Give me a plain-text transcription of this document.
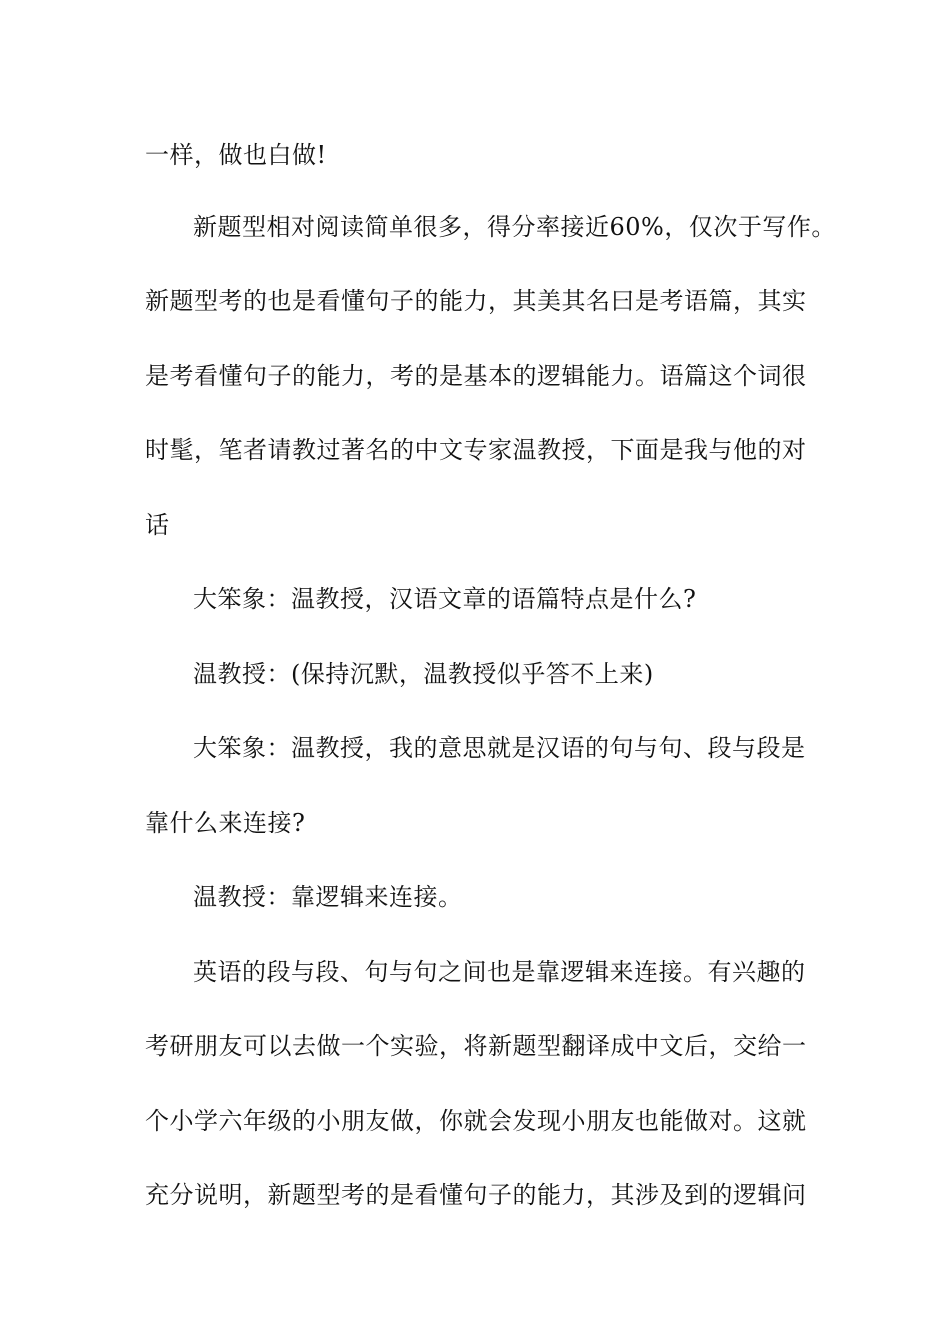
一样，做也白做!
新题型相对阅读简单很多，得分率接近60%，仅次于写作。
新题型考的也是看懂句子的能力，其美其名曰是考语篇，其实
是考看懂句子的能力，考的是基本的逻辑能力。语篇这个词很
时髦，笔者请教过著名的中文专家温教授，下面是我与他的对
话
大笨象：温教授，汉语文章的语篇特点是什么?
温教授：(保持沉默，温教授似乎答不上来)
大笨象：温教授，我的意思就是汉语的句与句、段与段是
靠什么来连接?
温教授：靠逻辑来连接。
英语的段与段、句与句之间也是靠逻辑来连接。有兴趣的
考研朋友可以去做一个实验，将新题型翻译成中文后，交给一
个小学六年级的小朋友做，你就会发现小朋友也能做对。这就
充分说明，新题型考的是看懂句子的能力，其涉及到的逻辑问
